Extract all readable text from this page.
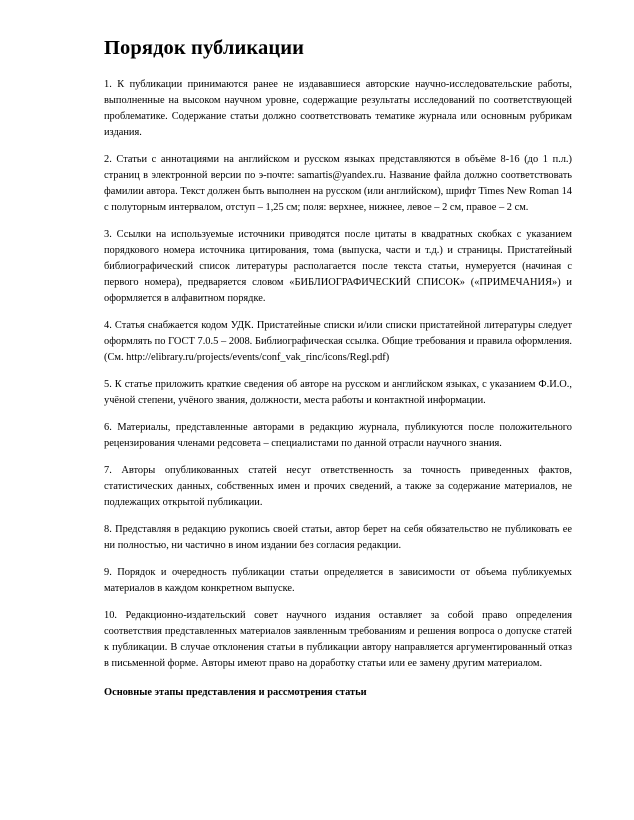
Порядок публикации

1. К публикации принимаются ранее не издававшиеся авторские научно-исследовательские работы, выполненные на высоком научном уровне, содержащие результаты исследований по соответствующей проблематике. Содержание статьи должно соответствовать тематике журнала или основным рубрикам издания.

2. Статьи с аннотациями на английском и русском языках представляются в объёме 8-16 (до 1 п.л.) страниц в электронной версии по э-почте: samartis@yandex.ru. Название файла должно соответствовать фамилии автора. Текст должен быть выполнен на русском (или английском), шрифт Times New Roman 14 с полуторным интервалом, отступ – 1,25 см; поля: верхнее, нижнее, левое – 2 см, правое – 2 см.

3. Ссылки на используемые источники приводятся после цитаты в квадратных скобках с указанием порядкового номера источника цитирования, тома (выпуска, части и т.д.) и страницы. Пристатейный библиографический список литературы располагается после текста статьи, нумеруется (начиная с первого номера), предваряется словом «БИБЛИОГРАФИЧЕСКИЙ СПИСОК» («ПРИМЕЧАНИЯ») и оформляется в алфавитном порядке.

4. Статья снабжается кодом УДК. Пристатейные списки и/или списки пристатейной литературы следует оформлять по ГОСТ 7.0.5 – 2008. Библиографическая ссылка. Общие требования и правила оформления. (См. http://elibrary.ru/projects/events/conf_vak_rinc/icons/Regl.pdf)

5. К статье приложить краткие сведения об авторе на русском и английском языках, с указанием Ф.И.О., учёной степени, учёного звания, должности, места работы и контактной информации.

6. Материалы, представленные авторами в редакцию журнала, публикуются после положительного рецензирования членами редсовета – специалистами по данной отрасли научного знания.

7. Авторы опубликованных статей несут ответственность за точность приведенных фактов, статистических данных, собственных имен и прочих сведений, а также за содержание материалов, не подлежащих открытой публикации.

8. Представляя в редакцию рукопись своей статьи, автор берет на себя обязательство не публиковать ее ни полностью, ни частично в ином издании без согласия редакции.

9. Порядок и очередность публикации статьи определяется в зависимости от объема публикуемых материалов в каждом конкретном выпуске.

10. Редакционно-издательский совет научного издания оставляет за собой право определения соответствия представленных материалов заявленным требованиям и решения вопроса о допуске статей к публикации. В случае отклонения статьи в публикации автору направляется аргументированный отказ в письменной форме. Авторы имеют право на доработку статьи или ее замену другим материалом.

Основные этапы представления и рассмотрения статьи
